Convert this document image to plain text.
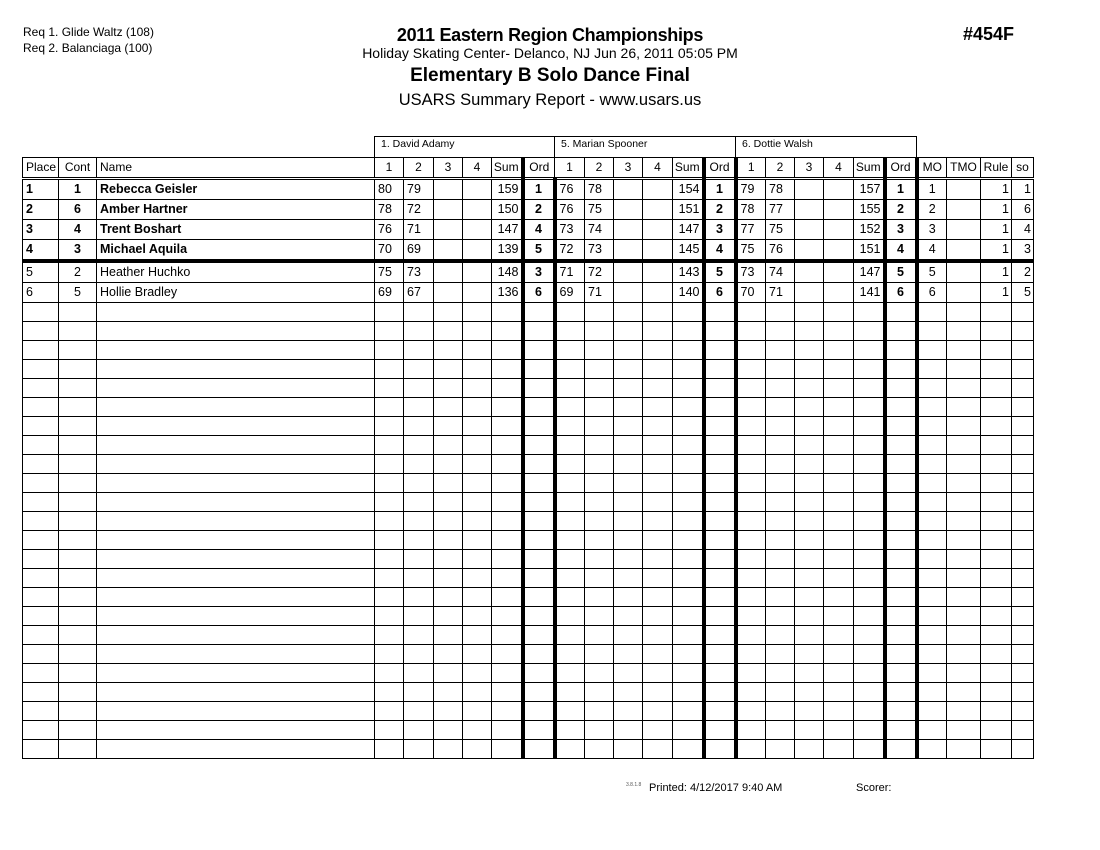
Req 1. Glide Waltz (108)
Req 2. Balanciaga (100)
2011 Eastern Region Championships
Holiday Skating Center- Delanco, NJ Jun 26, 2011 05:05 PM
Elementary B Solo Dance Final
USARS Summary Report - www.usars.us
#454F
1. David Adamy	5. Marian Spooner	6. Dottie Walsh
Place	Cont	Name	1	2	3	4	Sum	Ord	1	2	3	4	Sum	Ord	1	2	3	4	Sum	Ord	MO	TMO	Rule	so
1	1	Rebecca Geisler	80	79			159	1	76	78			154	1	79	78			157	1	1		1	1
2	6	Amber Hartner	78	72			150	2	76	75			151	2	78	77			155	2	2		1	6
3	4	Trent Boshart	76	71			147	4	73	74			147	3	77	75			152	3	3		1	4
4	3	Michael Aquila	70	69			139	5	72	73			145	4	75	76			151	4	4		1	3
5	2	Heather Huchko	75	73			148	3	71	72			143	5	73	74			147	5	5		1	2
6	5	Hollie Bradley	69	67			136	6	69	71			140	6	70	71			141	6	6		1	5

3.8.1.8 Printed: 4/12/2017 9:40 AM	Scorer:
